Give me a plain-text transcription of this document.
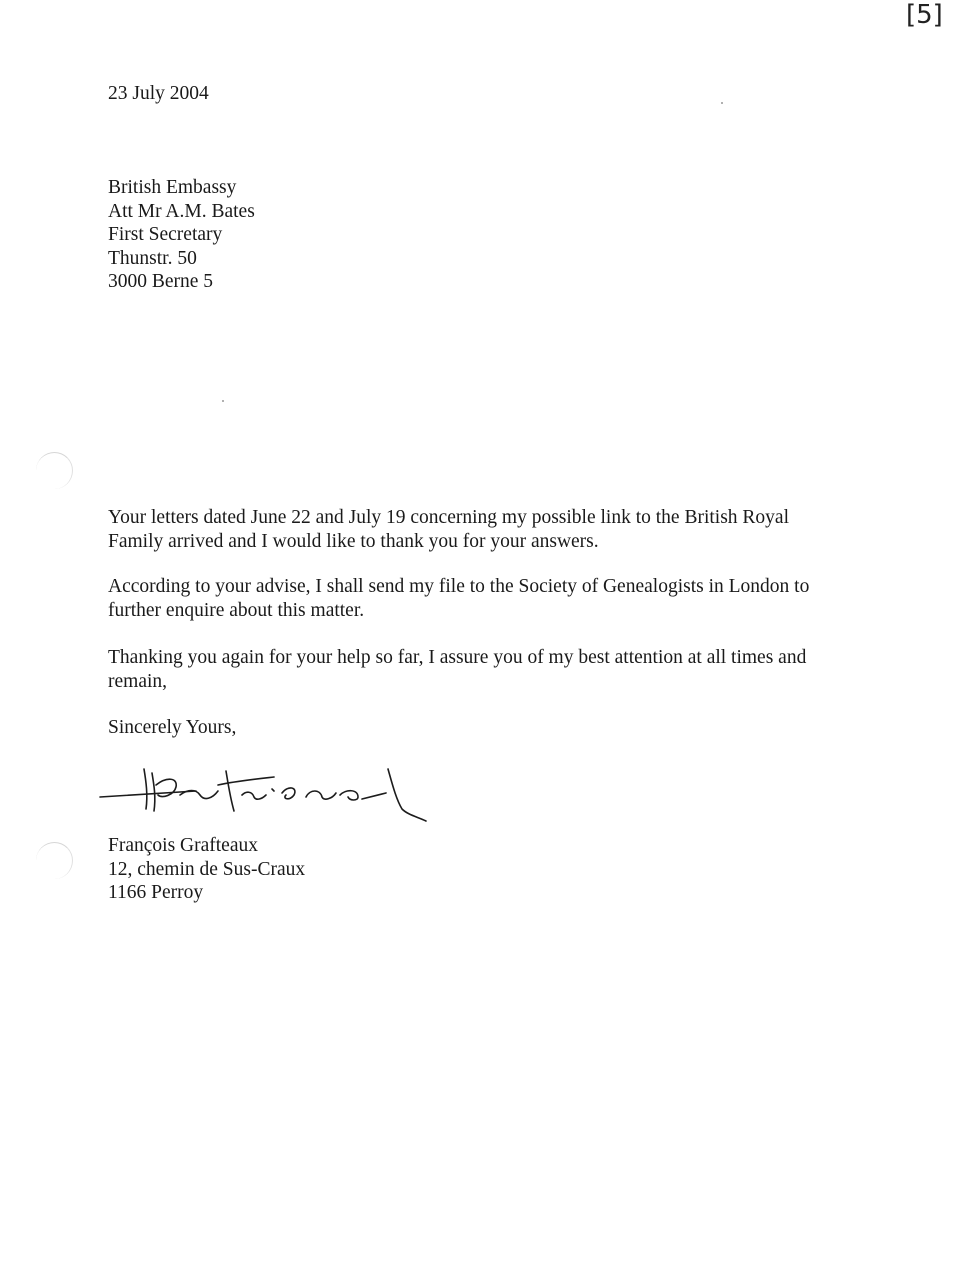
[5]
23 July 2004
British Embassy
Att Mr A.M. Bates
First Secretary
Thunstr. 50
3000 Berne 5
Your letters dated June 22 and July 19 concerning my possible link to the British Royal
Family arrived and I would like to thank you for your answers.
According to your advise, I shall send my file to the Society of Genealogists in London to
further enquire about this matter.
Thanking you again for your help so far, I assure you of my best attention at all times and
remain,
Sincerely Yours,
François Grafteaux
12, chemin de Sus-Craux
1166 Perroy
